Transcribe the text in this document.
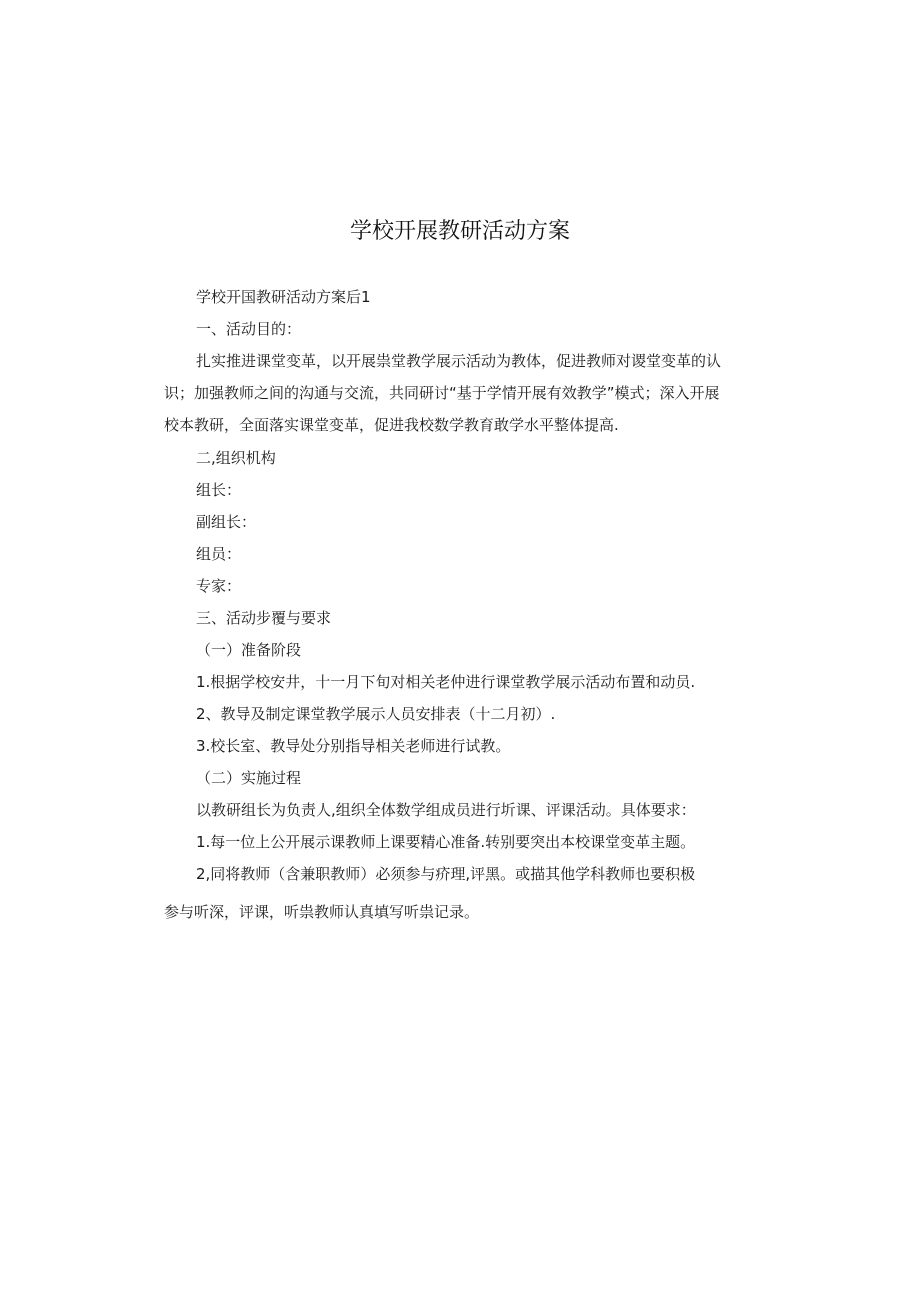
学校开展教研活动方案

学校开国教研活动方案后1

一、活动目的：

扎实推进课堂变革，以开展祟堂教学展示活动为教体，促进教师对谡堂变革的认

识；加强教师之间的沟通与交流，共同研讨“基于学情开展有效教学”模式；深入开展

校本教研，全面落实课堂变革，促进我校数学教育敢学水平整体提高.

二,组织机构

组长：

副组长：

组员：

专家：

三、活动步覆与要求

（一）准备阶段

1.根据学校安井，十一月下旬对相关老仲进行课堂教学展示活动布置和动员.

2、教导及制定课堂教学展示人员安排表（十二月初）.

3.校长室、教导处分别指导相关老师进行试教。

（二）实施过程

以教研组长为负责人,组织全体数学组成员进行圻课、评课活动。具体要求：

1.每一位上公开展示课教师上课要精心准备.转别要突出本校课堂变革主题。

2,同将教师（含兼职教师）必须参与疥理,评黑。或描其他学科教师也要积极

参与听深，评课，听祟教师认真填写听祟记录。
